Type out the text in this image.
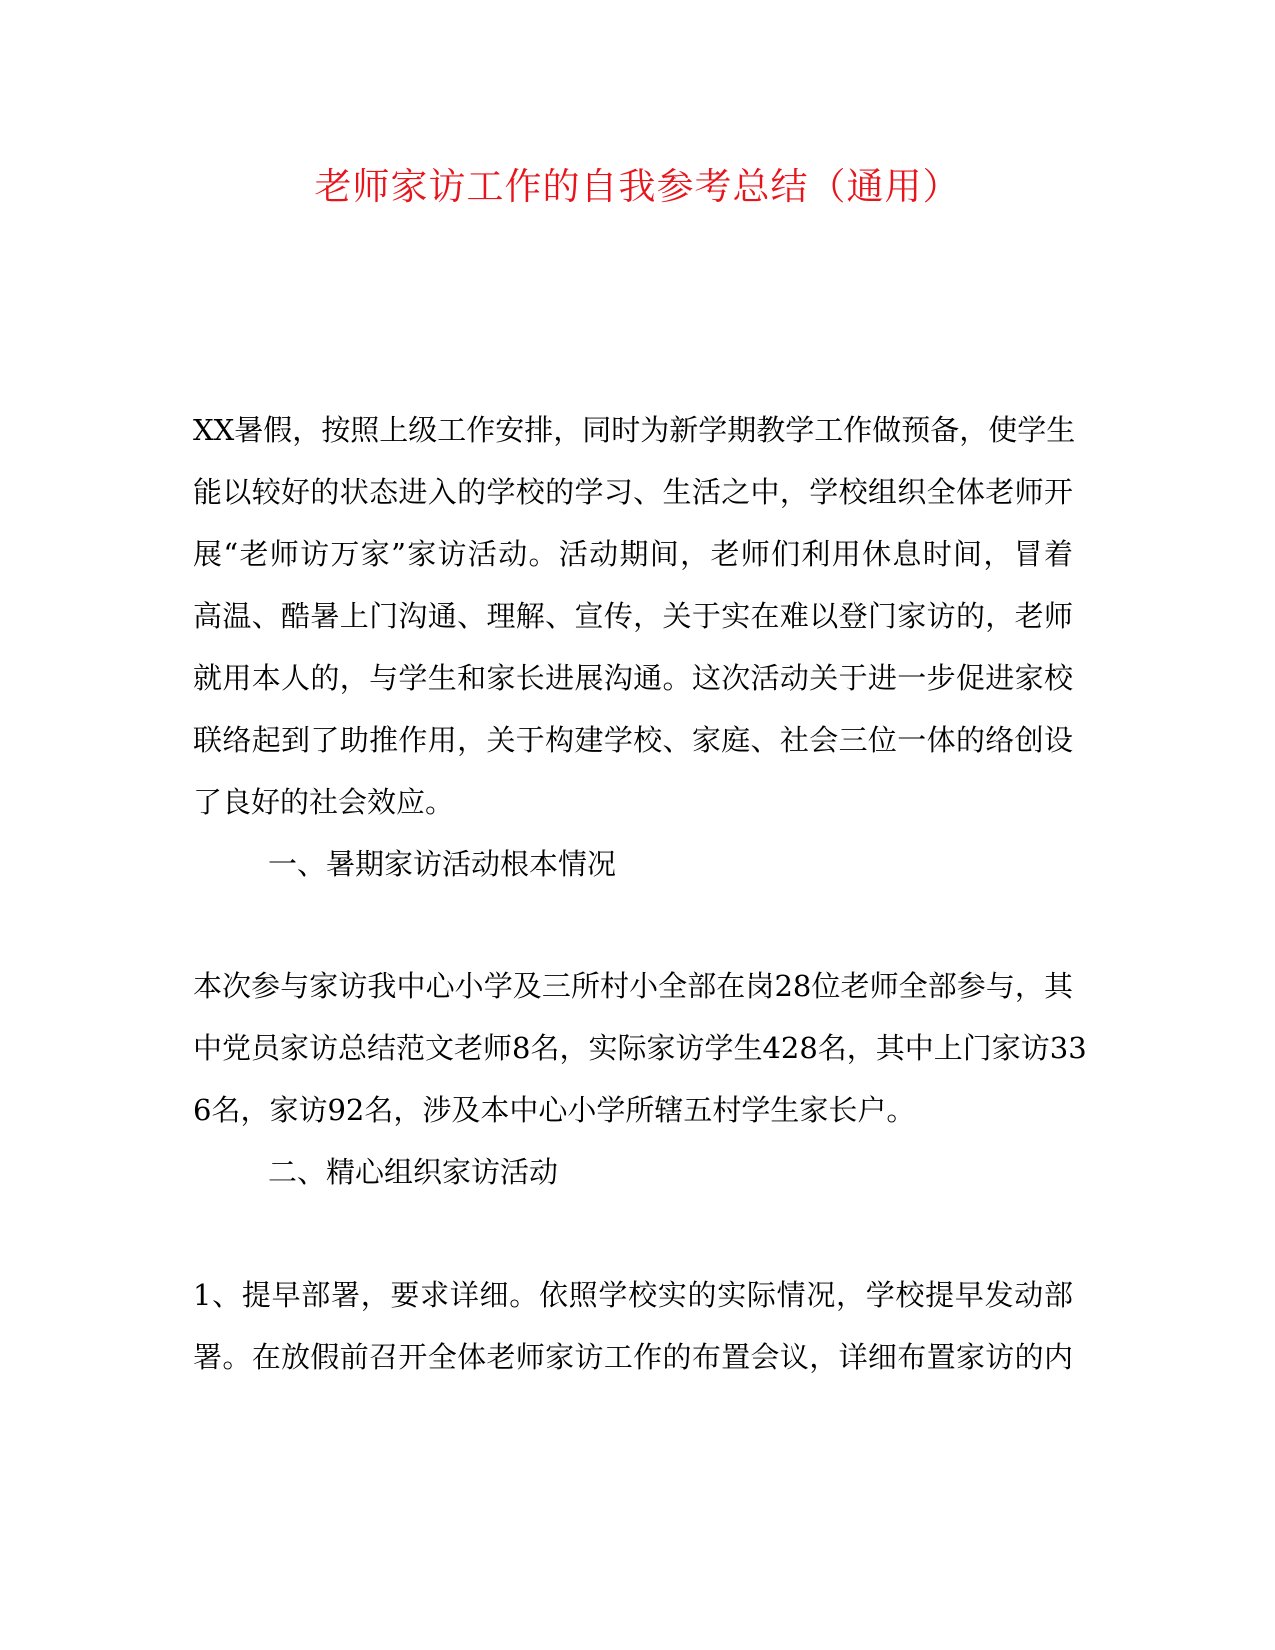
老师家访工作的自我参考总结（通用）

XX暑假，按照上级工作安排，同时为新学期教学工作做预备，使学生

能以较好的状态进入的学校的学习、生活之中，学校组织全体老师开

展“老师访万家”家访活动。活动期间，老师们利用休息时间，冒着

高温、酷暑上门沟通、理解、宣传，关于实在难以登门家访的，老师

就用本人的，与学生和家长进展沟通。这次活动关于进一步促进家校

联络起到了助推作用，关于构建学校、家庭、社会三位一体的络创设

了良好的社会效应。

一、暑期家访活动根本情况

本次参与家访我中心小学及三所村小全部在岗28位老师全部参与，其

中党员家访总结范文老师8名，实际家访学生428名，其中上门家访33

6名，家访92名，涉及本中心小学所辖五村学生家长户。

二、精心组织家访活动

1、提早部署，要求详细。依照学校实的实际情况，学校提早发动部

署。在放假前召开全体老师家访工作的布置会议，详细布置家访的内
